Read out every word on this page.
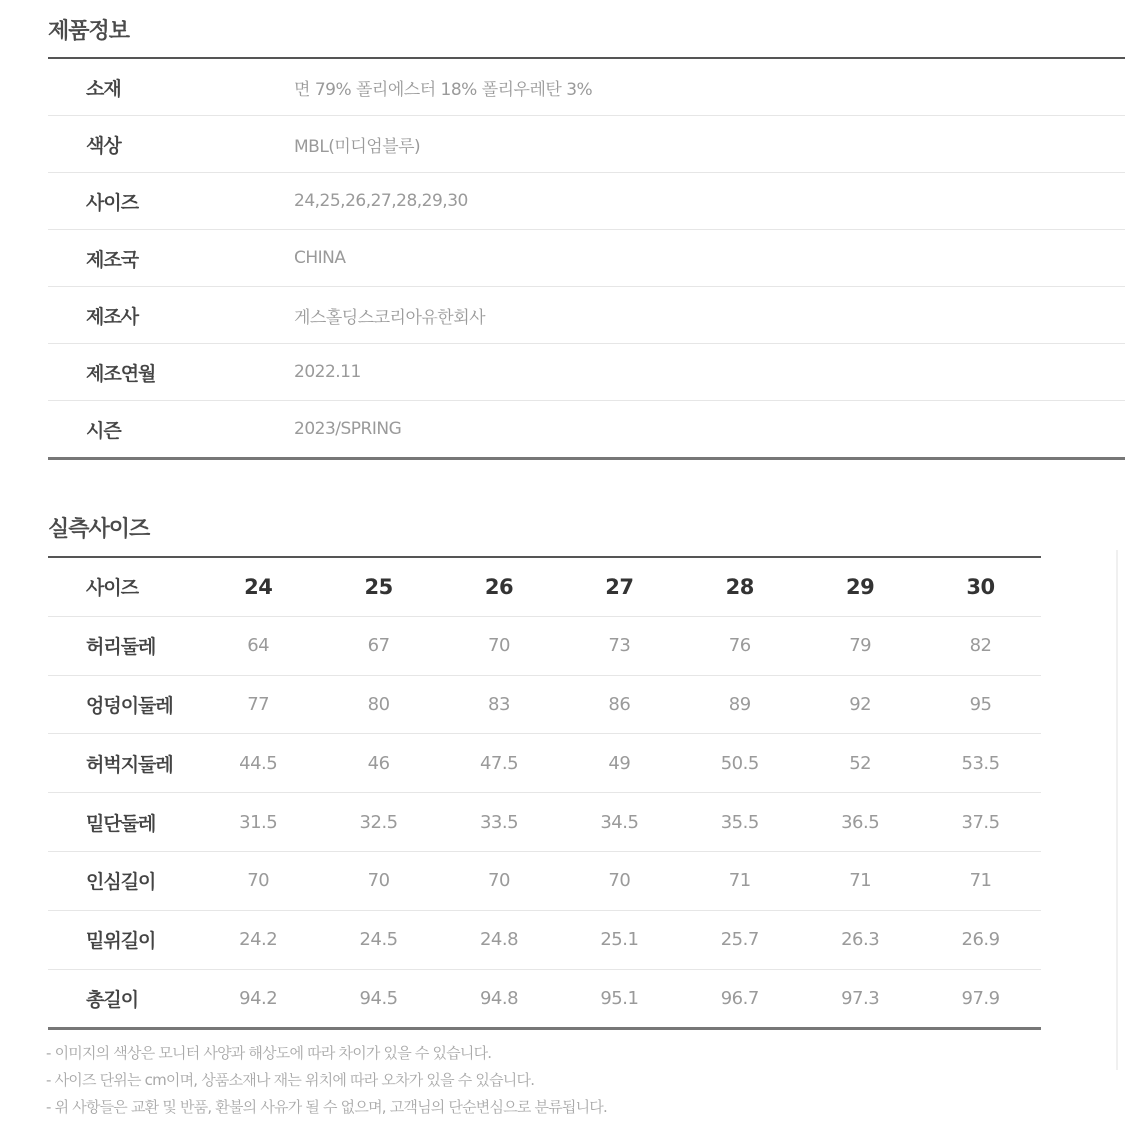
제품정보
소재	면 79% 폴리에스터 18% 폴리우레탄 3%
색상	MBL(미디엄블루)
사이즈	24,25,26,27,28,29,30
제조국	CHINA
제조사	게스홀딩스코리아유한회사
제조연월	2022.11
시즌	2023/SPRING
실측사이즈
사이즈	24	25	26	27	28	29	30
허리둘레	64	67	70	73	76	79	82
엉덩이둘레	77	80	83	86	89	92	95
허벅지둘레	44.5	46	47.5	49	50.5	52	53.5
밑단둘레	31.5	32.5	33.5	34.5	35.5	36.5	37.5
인심길이	70	70	70	70	71	71	71
밑위길이	24.2	24.5	24.8	25.1	25.7	26.3	26.9
총길이	94.2	94.5	94.8	95.1	96.7	97.3	97.9
- 이미지의 색상은 모니터 사양과 해상도에 따라 차이가 있을 수 있습니다.
- 사이즈 단위는 cm이며, 상품소재나 재는 위치에 따라 오차가 있을 수 있습니다.
- 위 사항들은 교환 및 반품, 환불의 사유가 될 수 없으며, 고객님의 단순변심으로 분류됩니다.
